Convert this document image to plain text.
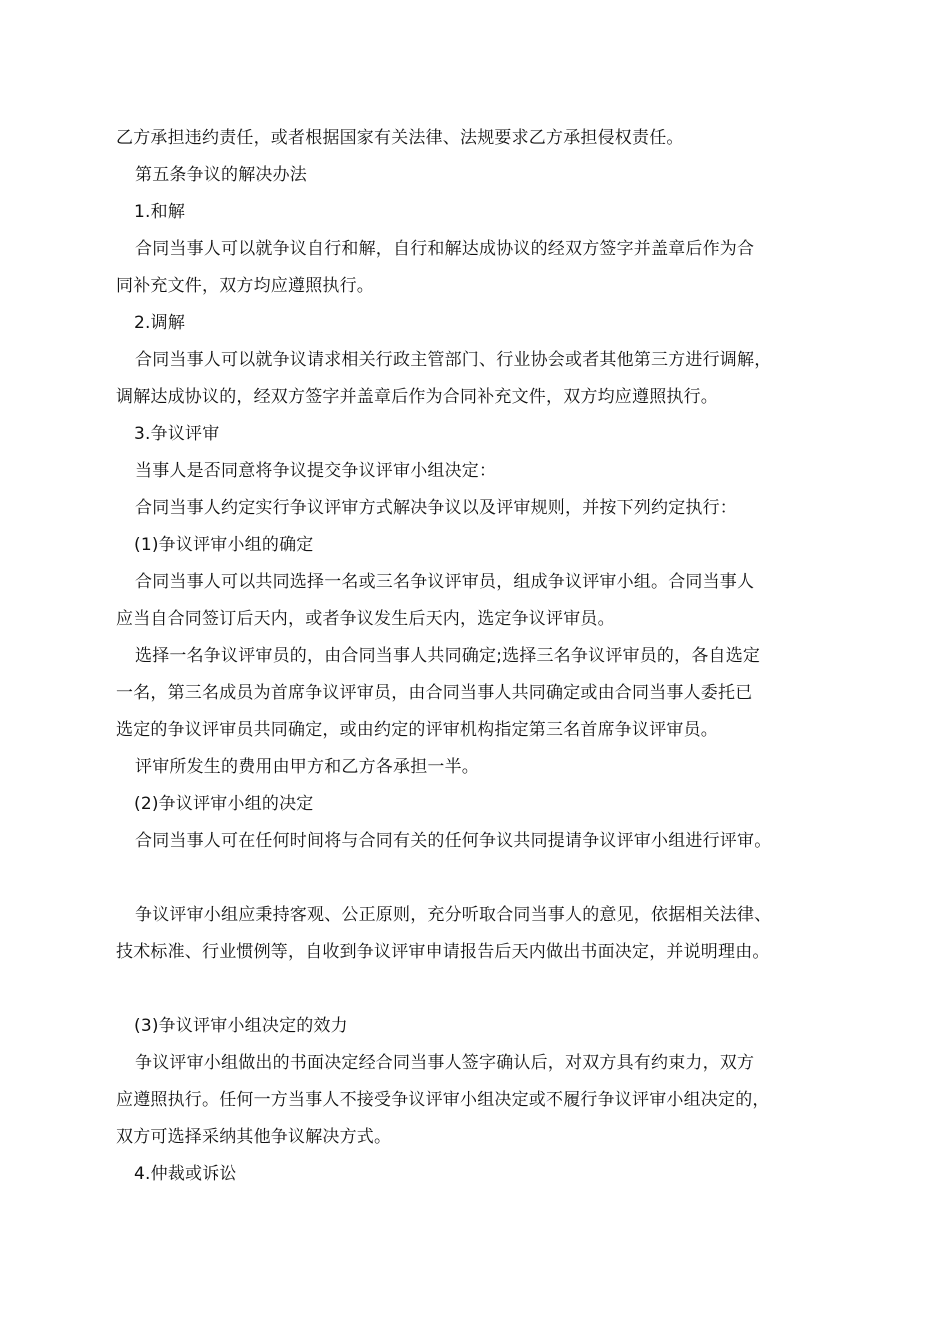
乙方承担违约责任，或者根据国家有关法律、法规要求乙方承担侵权责任。
第五条争议的解决办法
1.和解
合同当事人可以就争议自行和解，自行和解达成协议的经双方签字并盖章后作为合
同补充文件，双方均应遵照执行。
2.调解
合同当事人可以就争议请求相关行政主管部门、行业协会或者其他第三方进行调解，
调解达成协议的，经双方签字并盖章后作为合同补充文件，双方均应遵照执行。
3.争议评审
当事人是否同意将争议提交争议评审小组决定：
合同当事人约定实行争议评审方式解决争议以及评审规则，并按下列约定执行：
(1)争议评审小组的确定
合同当事人可以共同选择一名或三名争议评审员，组成争议评审小组。合同当事人
应当自合同签订后天内，或者争议发生后天内，选定争议评审员。
选择一名争议评审员的，由合同当事人共同确定;选择三名争议评审员的，各自选定
一名，第三名成员为首席争议评审员，由合同当事人共同确定或由合同当事人委托已
选定的争议评审员共同确定，或由约定的评审机构指定第三名首席争议评审员。
评审所发生的费用由甲方和乙方各承担一半。
(2)争议评审小组的决定
合同当事人可在任何时间将与合同有关的任何争议共同提请争议评审小组进行评审。
争议评审小组应秉持客观、公正原则，充分听取合同当事人的意见，依据相关法律、
技术标准、行业惯例等，自收到争议评审申请报告后天内做出书面决定，并说明理由。
(3)争议评审小组决定的效力
争议评审小组做出的书面决定经合同当事人签字确认后，对双方具有约束力，双方
应遵照执行。任何一方当事人不接受争议评审小组决定或不履行争议评审小组决定的，
双方可选择采纳其他争议解决方式。
4.仲裁或诉讼
